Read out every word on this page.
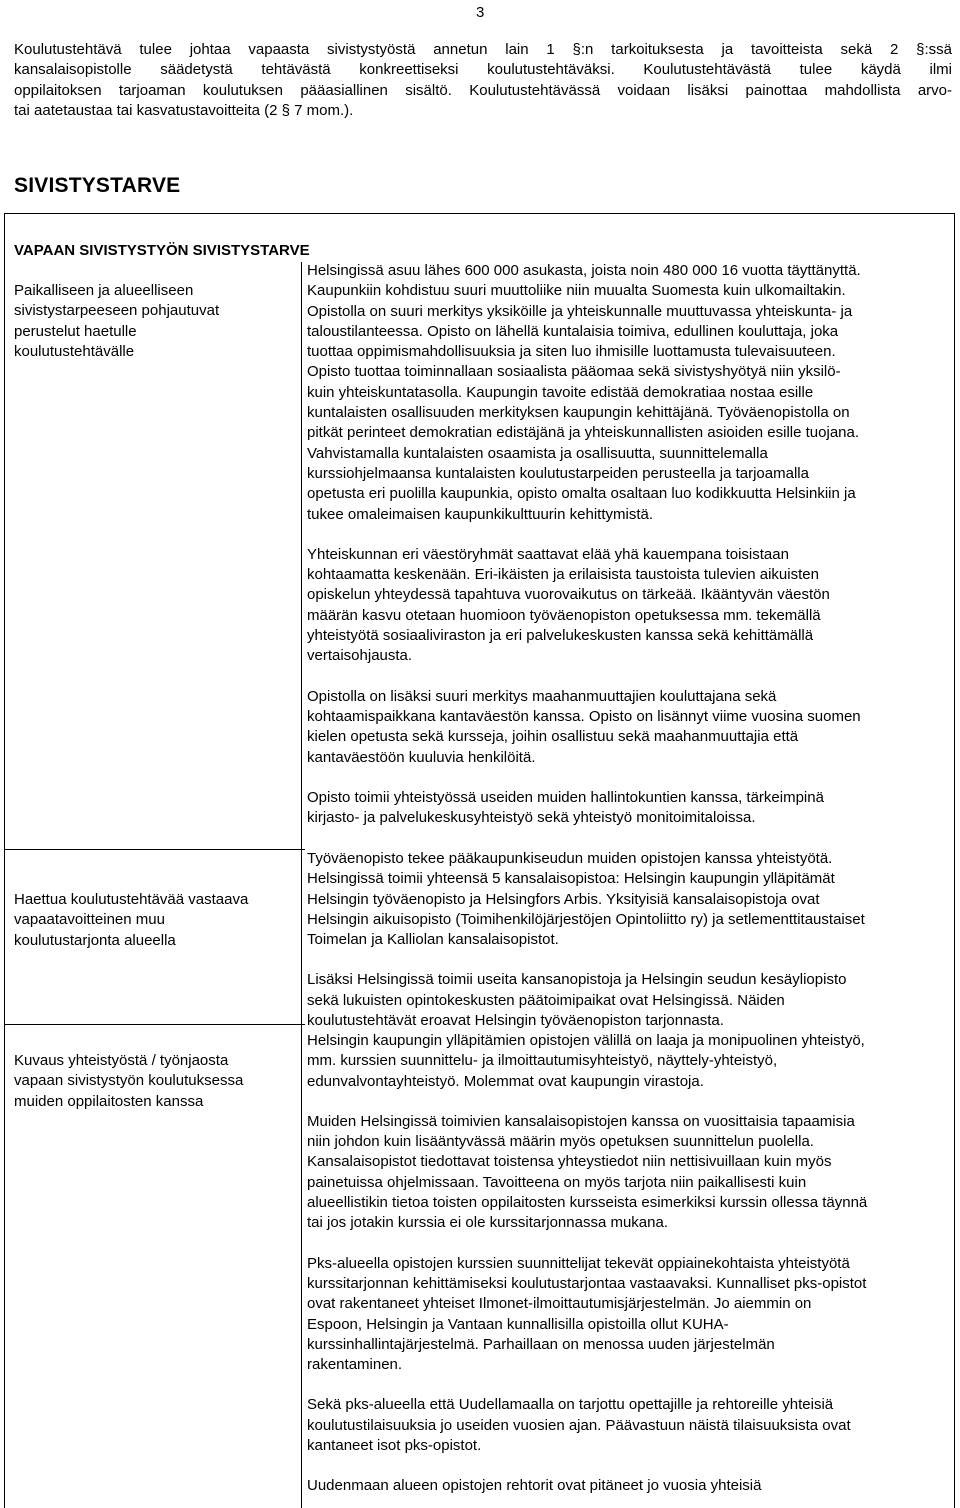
3
Koulutustehtävä tulee johtaa vapaasta sivistystyöstä annetun lain 1 §:n tarkoituksesta ja tavoitteista sekä 2 §:ssä
kansalaisopistolle säädetystä tehtävästä konkreettiseksi koulutustehtäväksi. Koulutustehtävästä tulee käydä ilmi
oppilaitoksen tarjoaman koulutuksen pääasiallinen sisältö. Koulutustehtävässä voidaan lisäksi painottaa mahdollista arvo-
tai aatetaustaa tai kasvatustavoitteita (2 § 7 mom.).
SIVISTYSTARVE
VAPAAN SIVISTYSTYÖN SIVISTYSTARVE
Paikalliseen ja alueelliseen
sivistystarpeeseen pohjautuvat
perustelut haetulle
koulutustehtävälle

Helsingissä asuu lähes 600 000 asukasta, joista noin 480 000 16 vuotta täyttänyttä.
Kaupunkiin kohdistuu suuri muuttoliike niin muualta Suomesta kuin ulkomailtakin.
Opistolla on suuri merkitys yksiköille ja yhteiskunnalle muuttuvassa yhteiskunta- ja
taloustilanteessa. Opisto on lähellä kuntalaisia toimiva, edullinen kouluttaja, joka
tuottaa oppimismahdollisuuksia ja siten luo ihmisille luottamusta tulevaisuuteen.
Opisto tuottaa toiminnallaan sosiaalista pääomaa sekä sivistyshyötyä niin yksilö-
kuin yhteiskuntatasolla. Kaupungin tavoite edistää demokratiaa nostaa esille
kuntalaisten osallisuuden merkityksen kaupungin kehittäjänä. Työväenopistolla on
pitkät perinteet demokratian edistäjänä ja yhteiskunnallisten asioiden esille tuojana.
Vahvistamalla kuntalaisten osaamista ja osallisuutta, suunnittelemalla
kurssiohjelmaansa kuntalaisten koulutustarpeiden perusteella ja tarjoamalla
opetusta eri puolilla kaupunkia, opisto omalta osaltaan luo kodikkuutta Helsinkiin ja
tukee omaleimaisen kaupunkikulttuurin kehittymistä.

Yhteiskunnan eri väestöryhmät saattavat elää yhä kauempana toisistaan
kohtaamatta keskenään. Eri-ikäisten ja erilaisista taustoista tulevien aikuisten
opiskelun yhteydessä tapahtuva vuorovaikutus on tärkeää. Ikääntyvän väestön
määrän kasvu otetaan huomioon työväenopiston opetuksessa mm. tekemällä
yhteistyötä sosiaaliviraston ja eri palvelukeskusten kanssa sekä kehittämällä
vertaisohjausta.

Opistolla on lisäksi suuri merkitys maahanmuuttajien kouluttajana sekä
kohtaamispaikkana kantaväestön kanssa. Opisto on lisännyt viime vuosina suomen
kielen opetusta sekä kursseja, joihin osallistuu sekä maahanmuuttajia että
kantaväestöön kuuluvia henkilöitä.

Opisto toimii yhteistyössä useiden muiden hallintokuntien kanssa, tärkeimpinä
kirjasto- ja palvelukeskusyhteistyö sekä yhteistyö monitoimitaloissa.

Haettua koulutustehtävää vastaava
vapaatavoitteinen muu
koulutustarjonta alueella

Työväenopisto tekee pääkaupunkiseudun muiden opistojen kanssa yhteistyötä.
Helsingissä toimii yhteensä 5 kansalaisopistoa: Helsingin kaupungin ylläpitämät
Helsingin työväenopisto ja Helsingfors Arbis. Yksityisiä kansalaisopistoja ovat
Helsingin aikuisopisto (Toimihenkilöjärjestöjen Opintoliitto ry) ja setlementtitaustaiset
Toimelan ja Kalliolan kansalaisopistot.

Lisäksi Helsingissä toimii useita kansanopistoja ja Helsingin seudun kesäyliopisto
sekä lukuisten opintokeskusten päätoimipaikat ovat Helsingissä. Näiden
koulutustehtävät eroavat Helsingin työväenopiston tarjonnasta.

Kuvaus yhteistyöstä / työnjaosta
vapaan sivistystyön koulutuksessa
muiden oppilaitosten kanssa

Helsingin kaupungin ylläpitämien opistojen välillä on laaja ja monipuolinen yhteistyö,
mm. kurssien suunnittelu- ja ilmoittautumisyhteistyö, näyttely-yhteistyö,
edunvalvontayhteistyö. Molemmat ovat kaupungin virastoja.

Muiden Helsingissä toimivien kansalaisopistojen kanssa on vuosittaisia tapaamisia
niin johdon kuin lisääntyvässä määrin myös opetuksen suunnittelun puolella.
Kansalaisopistot tiedottavat toistensa yhteystiedot niin nettisivuillaan kuin myös
painetuissa ohjelmissaan. Tavoitteena on myös tarjota niin paikallisesti kuin
alueellistikin tietoa toisten oppilaitosten kursseista esimerkiksi kurssin ollessa täynnä
tai jos jotakin kurssia ei ole kurssitarjonnassa mukana.

Pks-alueella opistojen kurssien suunnittelijat tekevät oppiainekohtaista yhteistyötä
kurssitarjonnan kehittämiseksi koulutustarjontaa vastaavaksi. Kunnalliset pks-opistot
ovat rakentaneet yhteiset Ilmonet-ilmoittautumisjärjestelmän. Jo aiemmin on
Espoon, Helsingin ja Vantaan kunnallisilla opistoilla ollut KUHA-
kurssinhallintajärjestelmä. Parhaillaan on menossa uuden järjestelmän
rakentaminen.

Sekä pks-alueella että Uudellamaalla on tarjottu opettajille ja rehtoreille yhteisiä
koulutustilaisuuksia jo useiden vuosien ajan. Päävastuun näistä tilaisuuksista ovat
kantaneet isot pks-opistot.

Uudenmaan alueen opistojen rehtorit ovat pitäneet jo vuosia yhteisiä
